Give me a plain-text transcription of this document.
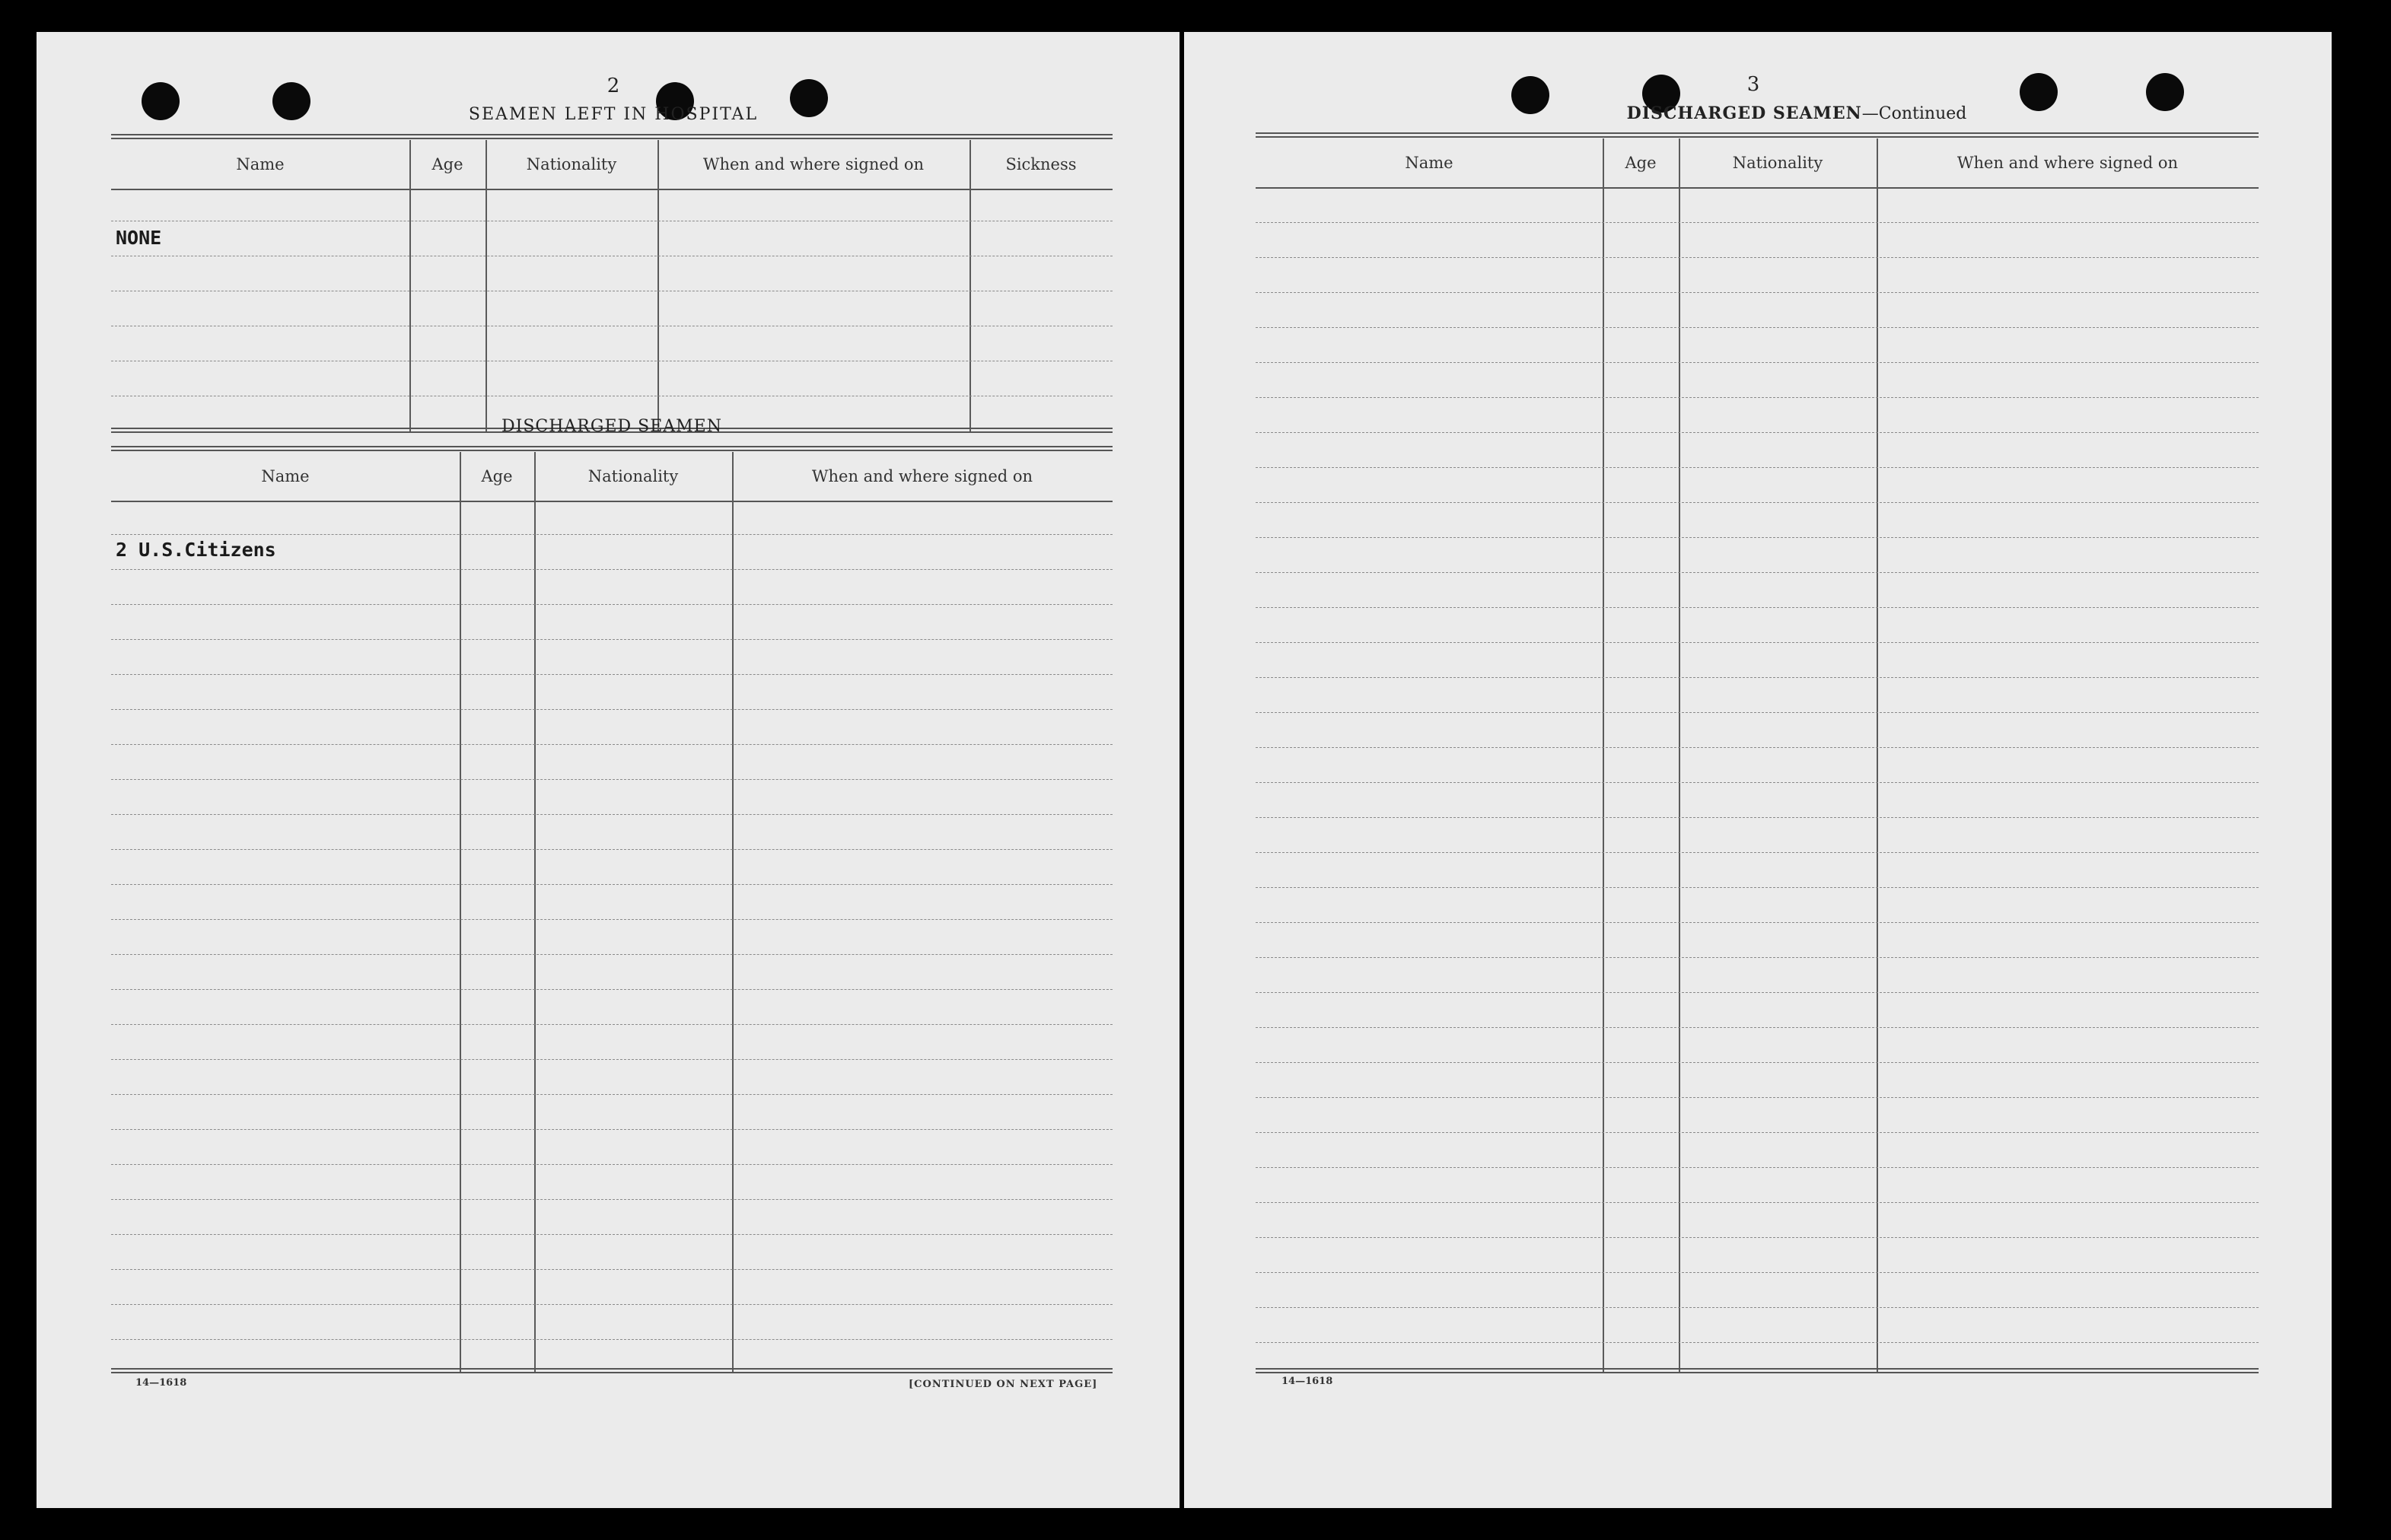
2
SEAMEN LEFT IN HOSPITAL
Name	Age	Nationality	When and where signed on	Sickness
NONE
DISCHARGED SEAMEN
Name	Age	Nationality	When and where signed on
2 U.S.Citizens
14—1618	[CONTINUED ON NEXT PAGE]
3
DISCHARGED SEAMEN—Continued
Name	Age	Nationality	When and where signed on
14—1618
